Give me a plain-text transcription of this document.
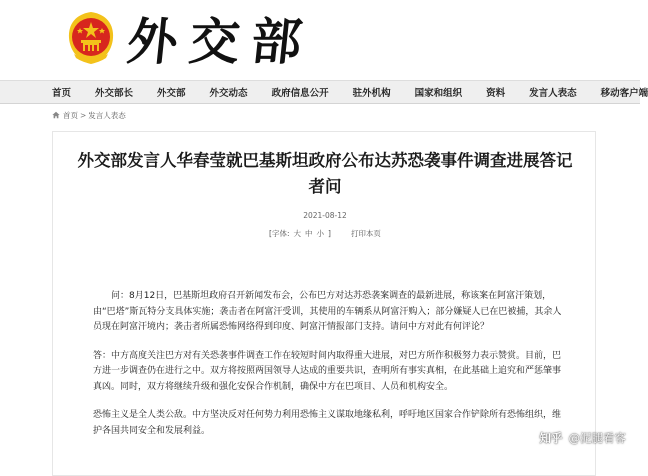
外 交 部
首页	外交部长	外交部	外交动态	政府信息公开	驻外机构	国家和组织	资料	发言人表态	移动客户端
首页 > 发言人表态
外交部发言人华春莹就巴基斯坦政府公布达苏恐袭事件调查进展答记者问
2021-08-12
[字体: 大 中 小 ]	打印本页

问：8月12日，巴基斯坦政府召开新闻发布会，公布巴方对达苏恐袭案调查的最新进展，称该案在阿富汗策划，由“巴塔”斯瓦特分支具体实施；袭击者在阿富汗受训，其使用的车辆系从阿富汗购入；部分嫌疑人已在巴被捕，其余人员现在阿富汗境内；袭击者所属恐怖网络得到印度、阿富汗情报部门支持。请问中方对此有何评论？

答：中方高度关注巴方对有关恐袭事件调查工作在较短时间内取得重大进展，对巴方所作积极努力表示赞赏。目前，巴方进一步调查仍在进行之中。双方将按照两国领导人达成的重要共识，查明所有事实真相，在此基础上追究和严惩肇事真凶。同时，双方将继续升级和强化安保合作机制，确保中方在巴项目、人员和机构安全。

恐怖主义是全人类公敌。中方坚决反对任何势力利用恐怖主义谋取地缘私利，呼吁地区国家合作铲除所有恐怖组织，维护各国共同安全和发展利益。

知乎 @泥腿看客
